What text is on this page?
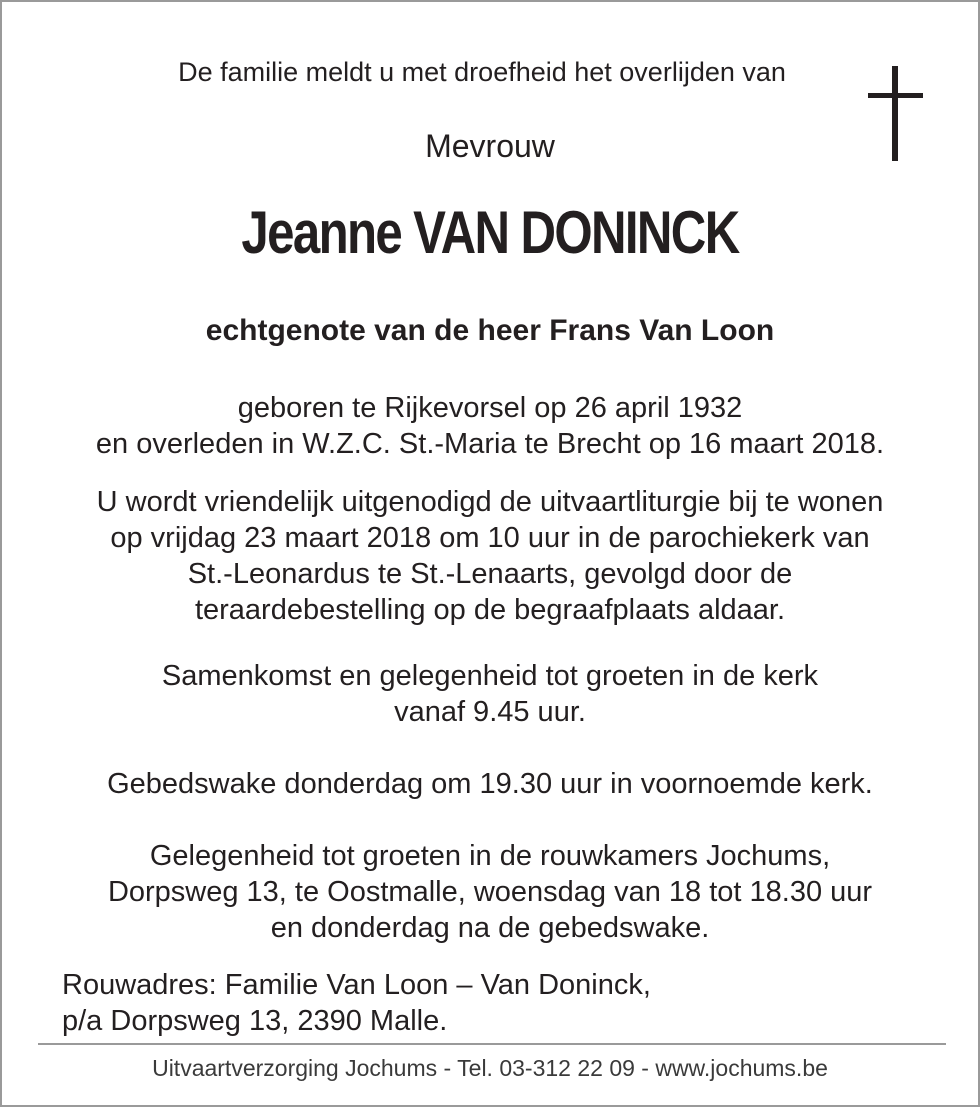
De familie meldt u met droefheid het overlijden van
Mevrouw
Jeanne VAN DONINCK
echtgenote van de heer Frans Van Loon
geboren te Rijkevorsel op 26 april 1932
en overleden in W.Z.C. St.-Maria te Brecht op 16 maart 2018.
U wordt vriendelijk uitgenodigd de uitvaartliturgie bij te wonen
op vrijdag 23 maart 2018 om 10 uur in de parochiekerk van
St.-Leonardus te St.-Lenaarts, gevolgd door de
teraardebestelling op de begraafplaats aldaar.
Samenkomst en gelegenheid tot groeten in de kerk
vanaf 9.45 uur.
Gebedswake donderdag om 19.30 uur in voornoemde kerk.
Gelegenheid tot groeten in de rouwkamers Jochums,
Dorpsweg 13, te Oostmalle, woensdag van 18 tot 18.30 uur
en donderdag na de gebedswake.
Rouwadres: Familie Van Loon – Van Doninck,
p/a Dorpsweg 13, 2390 Malle.
Uitvaartverzorging Jochums - Tel. 03-312 22 09 - www.jochums.be
